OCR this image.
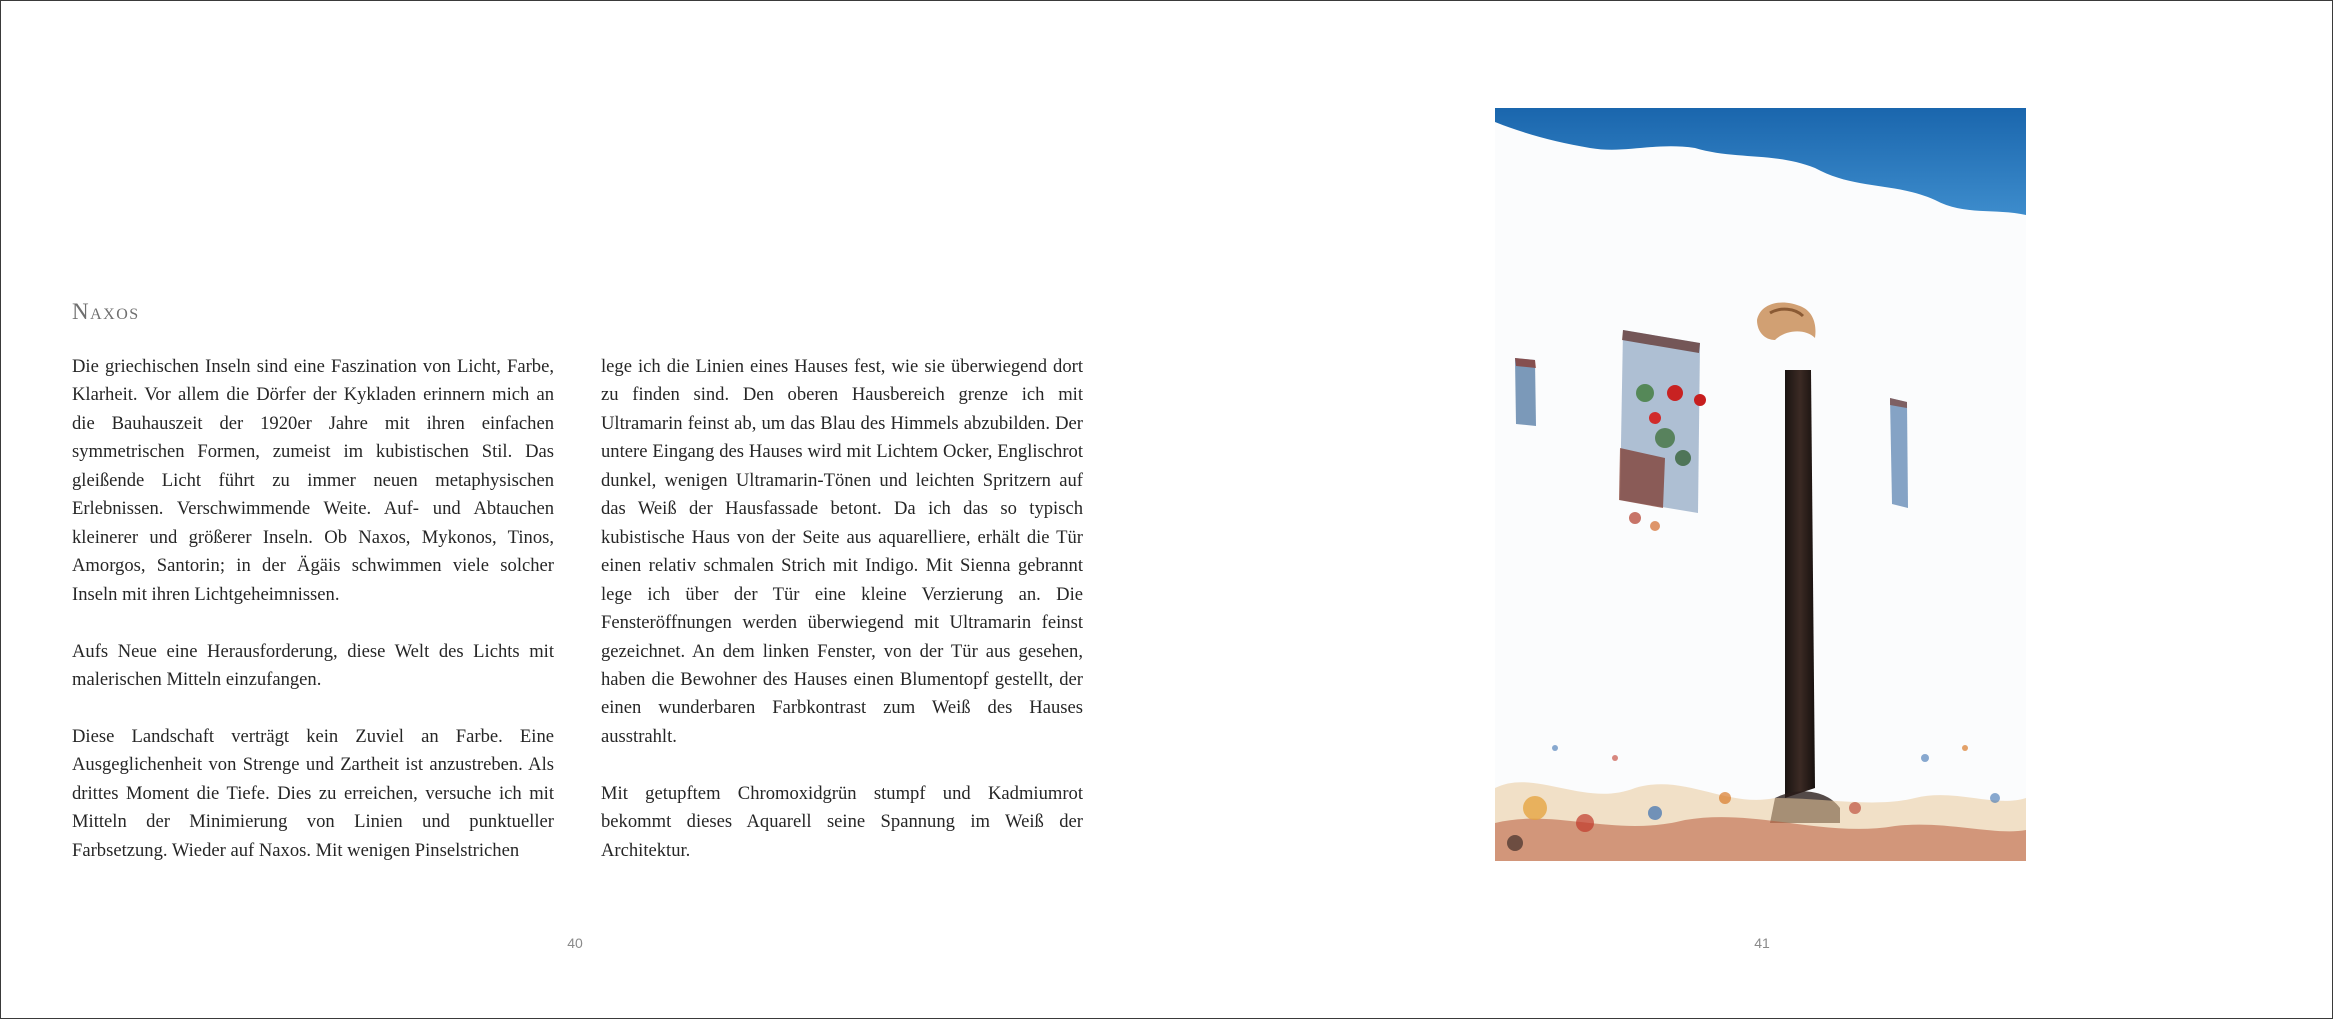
Naxos

Die griechischen Inseln sind eine Faszination von Licht, Farbe, Klarheit. Vor allem die Dörfer der Kykladen erinnern mich an die Bauhauszeit der 1920er Jahre mit ihren einfachen symmetrischen Formen, zumeist im kubistischen Stil. Das gleißende Licht führt zu immer neuen metaphysischen Erlebnissen. Verschwimmende Weite. Auf- und Abtauchen kleinerer und größerer Inseln. Ob Naxos, Mykonos, Tinos, Amorgos, Santorin; in der Ägäis schwimmen viele solcher Inseln mit ihren Lichtgeheimnissen.

Aufs Neue eine Herausforderung, diese Welt des Lichts mit malerischen Mitteln einzufangen.

Diese Landschaft verträgt kein Zuviel an Farbe. Eine Ausgeglichenheit von Strenge und Zartheit ist anzustreben. Als drittes Moment die Tiefe. Dies zu erreichen, versuche ich mit Mitteln der Minimierung von Linien und punktueller Farbsetzung. Wieder auf Naxos. Mit wenigen Pinselstrichen

lege ich die Linien eines Hauses fest, wie sie überwiegend dort zu finden sind. Den oberen Hausbereich grenze ich mit Ultramarin feinst ab, um das Blau des Himmels abzubilden. Der untere Eingang des Hauses wird mit Lichtem Ocker, Englischrot dunkel, wenigen Ultramarin-Tönen und leichten Spritzern auf das Weiß der Hausfassade betont. Da ich das so typisch kubistische Haus von der Seite aus aquarelliere, erhält die Tür einen relativ schmalen Strich mit Indigo. Mit Sienna gebrannt lege ich über der Tür eine kleine Verzierung an. Die Fensteröffnungen werden überwiegend mit Ultramarin feinst gezeichnet. An dem linken Fenster, von der Tür aus gesehen, haben die Bewohner des Hauses einen Blumentopf gestellt, der einen wunderbaren Farbkontrast zum Weiß des Hauses ausstrahlt.

Mit getupftem Chromoxidgrün stumpf und Kadmiumrot bekommt dieses Aquarell seine Spannung im Weiß der Architektur.

40	41
